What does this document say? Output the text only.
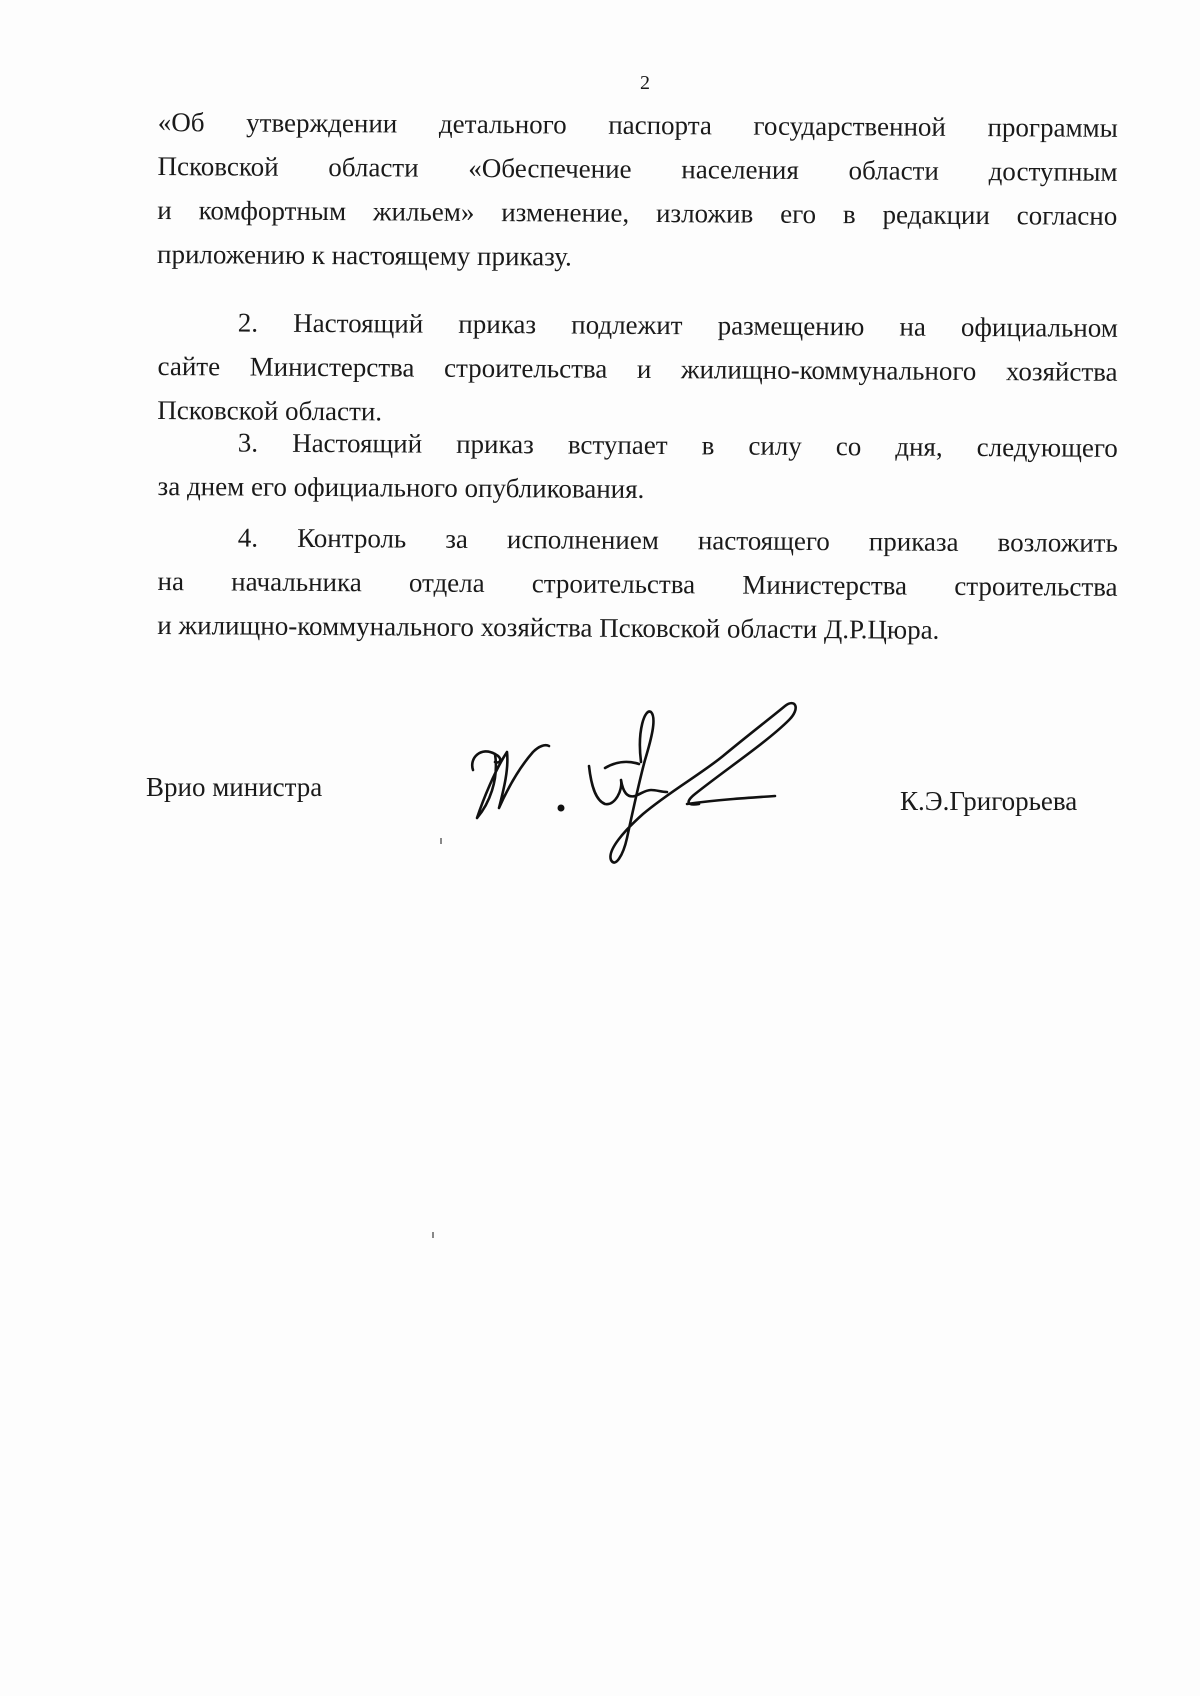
2

«Об утверждении детального паспорта государственной программы

Псковской области «Обеспечение населения области доступным

и комфортным жильем» изменение, изложив его в редакции согласно

приложению к настоящему приказу.

2. Настоящий приказ подлежит размещению на официальном

сайте Министерства строительства и жилищно-коммунального хозяйства

Псковской области.

3. Настоящий приказ вступает в силу со дня, следующего

за днем его официального опубликования.

4. Контроль за исполнением настоящего приказа возложить

на начальника отдела строительства Министерства строительства

и жилищно-коммунального хозяйства Псковской области Д.Р.Цюра.

Врио министра	К.Э.Григорьева
